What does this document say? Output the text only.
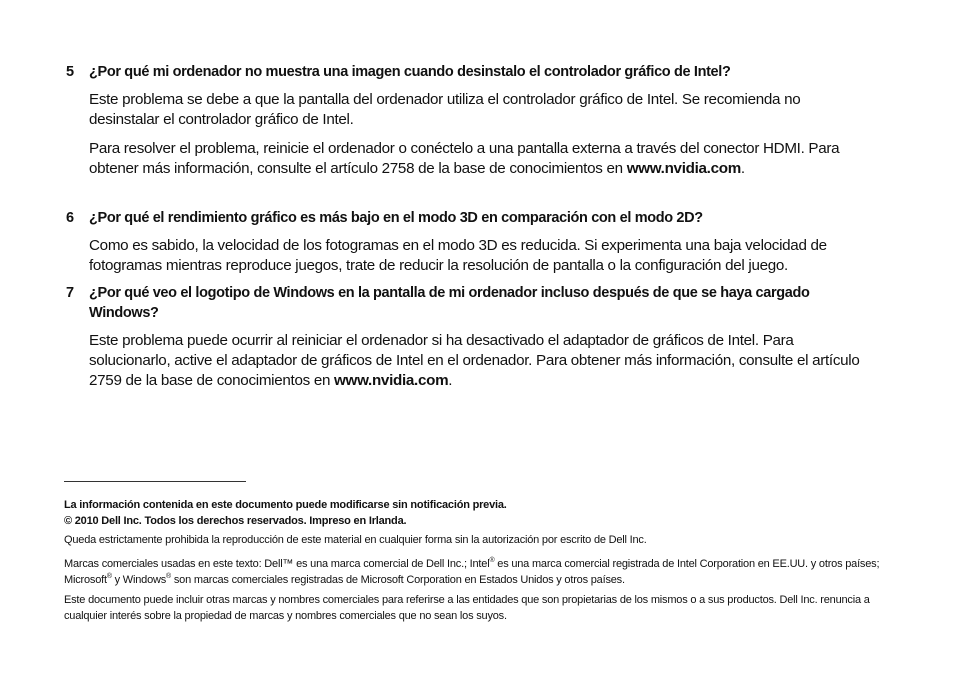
5	¿Por qué mi ordenador no muestra una imagen cuando desinstalo el controlador gráfico de Intel?
Este problema se debe a que la pantalla del ordenador utiliza el controlador gráfico de Intel. Se recomienda no desinstalar el controlador gráfico de Intel.
Para resolver el problema, reinicie el ordenador o conéctelo a una pantalla externa a través del conector HDMI. Para obtener más información, consulte el artículo 2758 de la base de conocimientos en www.nvidia.com.
6	¿Por qué el rendimiento gráfico es más bajo en el modo 3D en comparación con el modo 2D?
Como es sabido, la velocidad de los fotogramas en el modo 3D es reducida. Si experimenta una baja velocidad de fotogramas mientras reproduce juegos, trate de reducir la resolución de pantalla o la configuración del juego.
7	¿Por qué veo el logotipo de Windows en la pantalla de mi ordenador incluso después de que se haya cargado Windows?
Este problema puede ocurrir al reiniciar el ordenador si ha desactivado el adaptador de gráficos de Intel. Para solucionarlo, active el adaptador de gráficos de Intel en el ordenador. Para obtener más información, consulte el artículo 2759 de la base de conocimientos en www.nvidia.com.
La información contenida en este documento puede modificarse sin notificación previa.
© 2010 Dell Inc. Todos los derechos reservados. Impreso en Irlanda.
Queda estrictamente prohibida la reproducción de este material en cualquier forma sin la autorización por escrito de Dell Inc.
Marcas comerciales usadas en este texto: Dell™ es una marca comercial de Dell Inc.; Intel® es una marca comercial registrada de Intel Corporation en EE.UU. y otros países; Microsoft® y Windows® son marcas comerciales registradas de Microsoft Corporation en Estados Unidos y otros países.
Este documento puede incluir otras marcas y nombres comerciales para referirse a las entidades que son propietarias de los mismos o a sus productos. Dell Inc. renuncia a cualquier interés sobre la propiedad de marcas y nombres comerciales que no sean los suyos.
